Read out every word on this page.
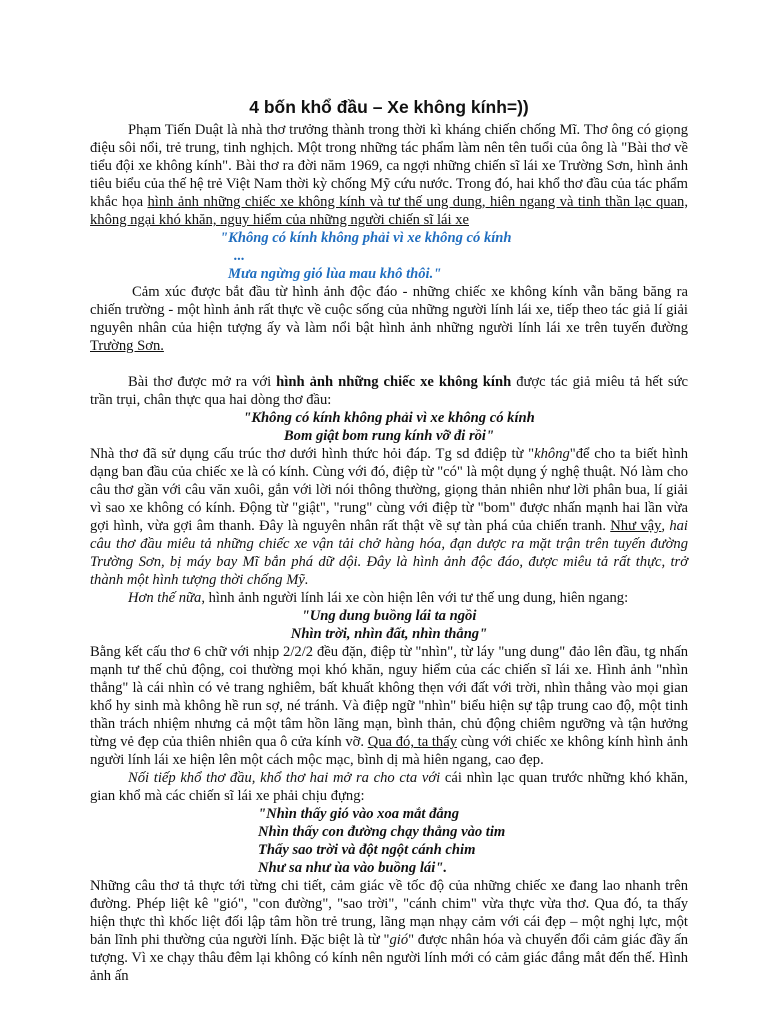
4 bốn khổ đầu – Xe không kính=))

Phạm Tiến Duật là nhà thơ trưởng thành trong thời kì kháng chiến chống Mĩ. Thơ ông có giọng điệu sôi nổi, trẻ trung, tinh nghịch. Một trong những tác phẩm làm nên tên tuổi của ông là "Bài thơ về tiểu đội xe không kính". Bài thơ ra đời năm 1969, ca ngợi những chiến sĩ lái xe Trường Sơn, hình ảnh tiêu biểu của thế hệ trẻ Việt Nam thời kỳ chống Mỹ cứu nước. Trong đó, hai khổ thơ đầu của tác phẩm khắc họa hình ảnh những chiếc xe không kính và tư thế ung dung, hiên ngang và tinh thần lạc quan, không ngại khó khăn, nguy hiểm của những người chiến sĩ lái xe

"Không có kính không phải vì xe không có kính
...
Mưa ngừng gió lùa mau khô thôi."

Cảm xúc được bắt đầu từ hình ảnh độc đáo - những chiếc xe không kính vẫn băng băng ra chiến trường - một hình ảnh rất thực về cuộc sống của những người lính lái xe, tiếp theo tác giả lí giải nguyên nhân của hiện tượng ấy và làm nổi bật hình ảnh những người lính lái xe trên tuyến đường Trường Sơn.

Bài thơ được mở ra với hình ảnh những chiếc xe không kính được tác giả miêu tả hết sức trần trụi, chân thực qua hai dòng thơ đầu:

"Không có kính không phải vì xe không có kính
Bom giật bom rung kính vỡ đi rồi"

Nhà thơ đã sử dụng cấu trúc thơ dưới hình thức hỏi đáp. Tg sd đdiệp từ "không"để cho ta biết hình dạng ban đầu của chiếc xe là có kính. Cùng với đó, điệp từ "có" là một dụng ý nghệ thuật. Nó làm cho câu thơ gần với câu văn xuôi, gắn với lời nói thông thường, giọng thản nhiên như lời phân bua, lí giải vì sao xe không có kính. Động từ "giật", "rung" cùng với điệp từ "bom" được nhấn mạnh hai lần vừa gợi hình, vừa gợi âm thanh. Đây là nguyên nhân rất thật về sự tàn phá của chiến tranh. Như vậy, hai câu thơ đầu miêu tả những chiếc xe vận tải chở hàng hóa, đạn dược ra mặt trận trên tuyến đường Trường Sơn, bị máy bay Mĩ bắn phá dữ dội. Đây là hình ảnh độc đáo, được miêu tả rất thực, trở thành một hình tượng thời chống Mỹ.

Hơn thế nữa, hình ảnh người lính lái xe còn hiện lên với tư thế ung dung, hiên ngang:

"Ung dung buồng lái ta ngồi
Nhìn trời, nhìn đất, nhìn thẳng"

Bằng kết cấu thơ 6 chữ với nhịp 2/2/2 đều đặn, điệp từ "nhìn", từ láy "ung dung" đảo lên đầu, tg nhấn mạnh tư thế chủ động, coi thường mọi khó khăn, nguy hiểm của các chiến sĩ lái xe. Hình ảnh "nhìn thẳng" là cái nhìn có vẻ trang nghiêm, bất khuất không thẹn với đất với trời, nhìn thẳng vào mọi gian khổ hy sinh mà không hề run sợ, né tránh. Và điệp ngữ "nhìn" biểu hiện sự tập trung cao độ, một tinh thần trách nhiệm nhưng cả một tâm hồn lãng mạn, bình thản, chủ động chiêm ngưỡng và tận hưởng từng vẻ đẹp của thiên nhiên qua ô cửa kính vỡ. Qua đó, ta thấy cùng với chiếc xe không kính hình ảnh người lính lái xe hiện lên một cách mộc mạc, bình dị mà hiên ngang, cao đẹp.

Nối tiếp khổ thơ đầu, khổ thơ hai mở ra cho cta với cái nhìn lạc quan trước những khó khăn, gian khổ mà các chiến sĩ lái xe phải chịu đựng:

"Nhìn thấy gió vào xoa mắt đắng
Nhìn thấy con đường chạy thẳng vào tim
Thấy sao trời và đột ngột cánh chim
Như sa như ùa vào buồng lái".

Những câu thơ tả thực tới từng chi tiết, cảm giác về tốc độ của những chiếc xe đang lao nhanh trên đường. Phép liệt kê "gió", "con đường", "sao trời", "cánh chim" vừa thực vừa thơ. Qua đó, ta thấy hiện thực thì khốc liệt đối lập tâm hồn trẻ trung, lãng mạn nhạy cảm với cái đẹp – một nghị lực, một bản lĩnh phi thường của người lính. Đặc biệt là từ "gió" được nhân hóa và chuyển đổi cảm giác đầy ấn tượng. Vì xe chạy thâu đêm lại không có kính nên người lính mới có cảm giác đắng mắt đến thế. Hình ảnh ấn
